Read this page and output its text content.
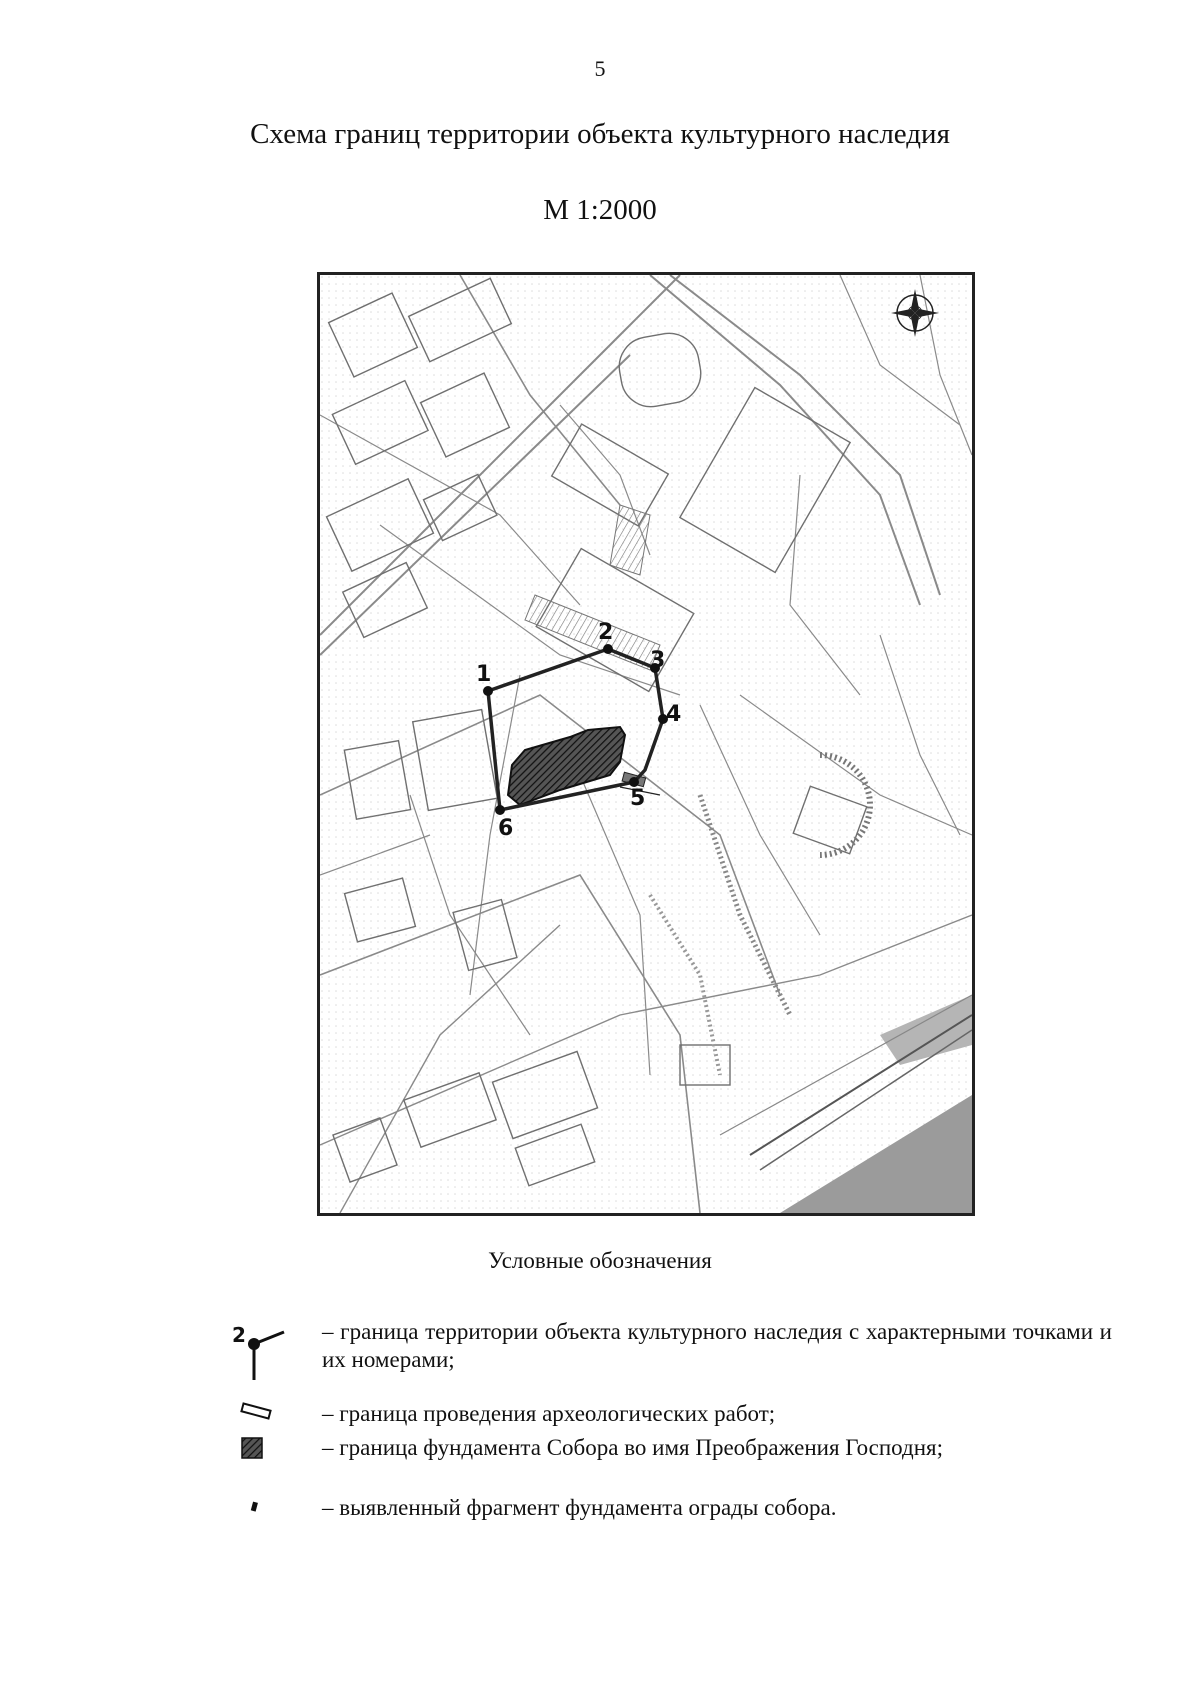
5
Схема границ территории объекта культурного наследия
М 1:2000
1
2
3
4
5
6
Условные обозначения
2	– граница территории объекта культурного наследия с характерными точками и их номерами;
– граница проведения археологических работ;
– граница фундамента Собора во имя Преображения Господня;
– выявленный фрагмент фундамента ограды собора.
